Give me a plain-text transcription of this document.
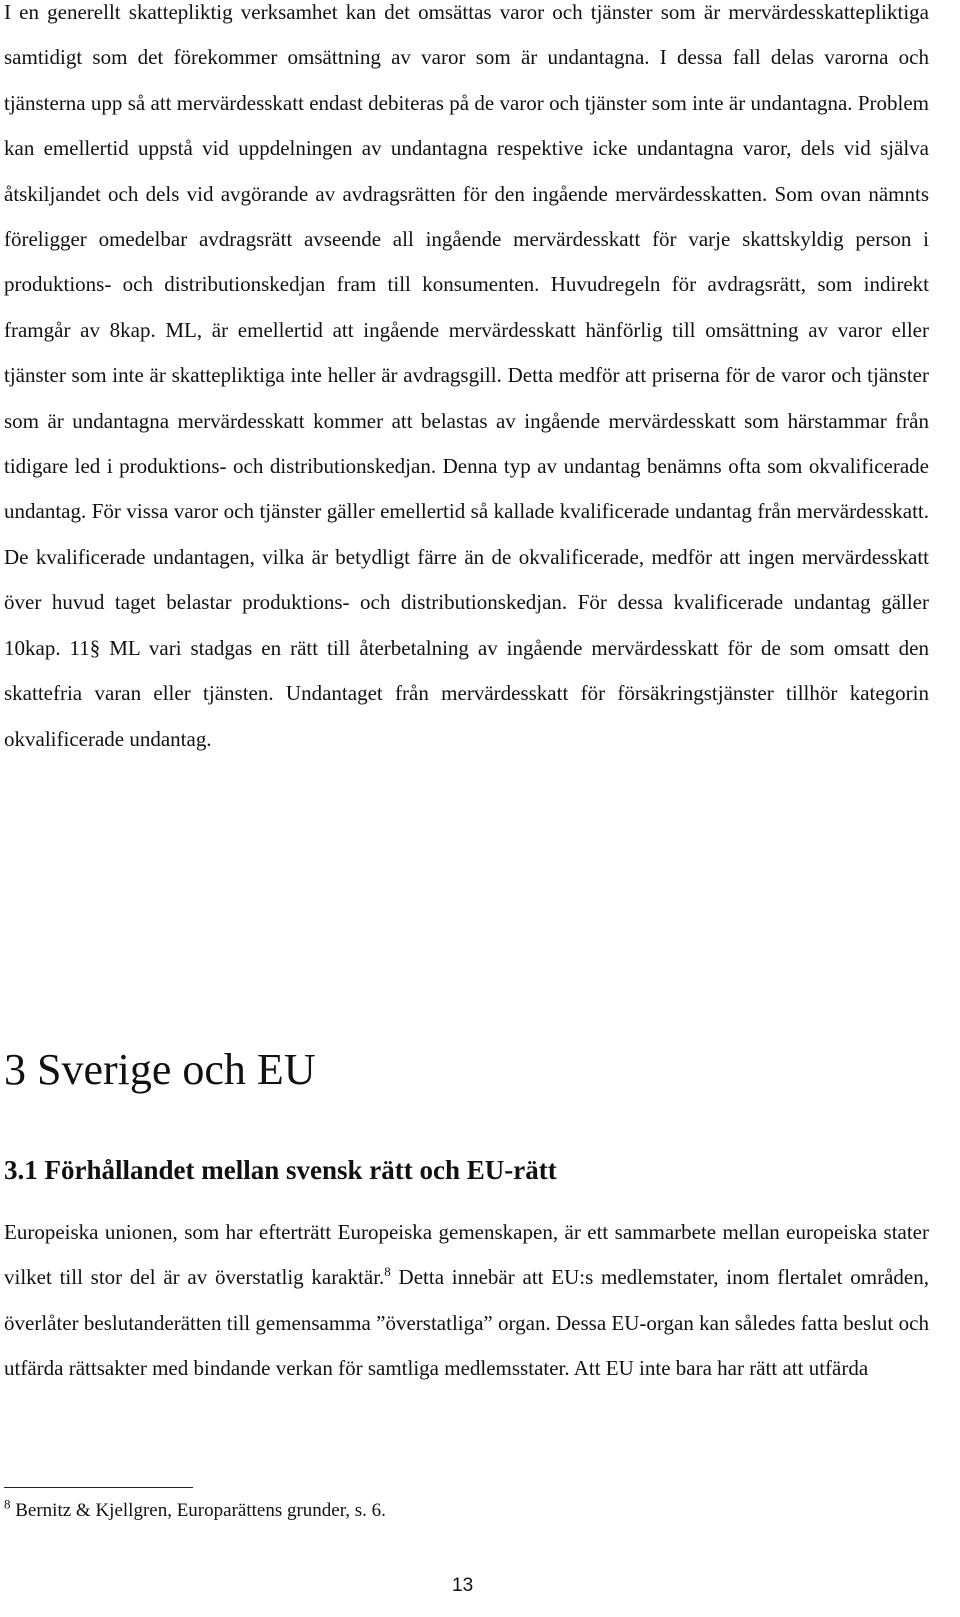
I en generellt skattepliktig verksamhet kan det omsättas varor och tjänster som är mervärdesskattepliktiga samtidigt som det förekommer omsättning av varor som är undantagna. I dessa fall delas varorna och tjänsterna upp så att mervärdesskatt endast debiteras på de varor och tjänster som inte är undantagna. Problem kan emellertid uppstå vid uppdelningen av undantagna respektive icke undantagna varor, dels vid själva åtskiljandet och dels vid avgörande av avdragsrätten för den ingående mervärdesskatten. Som ovan nämnts föreligger omedelbar avdragsrätt avseende all ingående mervärdesskatt för varje skattskyldig person i produktions- och distributionskedjan fram till konsumenten. Huvudregeln för avdragsrätt, som indirekt framgår av 8kap. ML, är emellertid att ingående mervärdesskatt hänförlig till omsättning av varor eller tjänster som inte är skattepliktiga inte heller är avdragsgill. Detta medför att priserna för de varor och tjänster som är undantagna mervärdesskatt kommer att belastas av ingående mervärdesskatt som härstammar från tidigare led i produktions- och distributionskedjan. Denna typ av undantag benämns ofta som okvalificerade undantag. För vissa varor och tjänster gäller emellertid så kallade kvalificerade undantag från mervärdesskatt. De kvalificerade undantagen, vilka är betydligt färre än de okvalificerade, medför att ingen mervärdesskatt över huvud taget belastar produktions- och distributionskedjan. För dessa kvalificerade undantag gäller 10kap. 11§ ML vari stadgas en rätt till återbetalning av ingående mervärdesskatt för de som omsatt den skattefria varan eller tjänsten. Undantaget från mervärdesskatt för försäkringstjänster tillhör kategorin okvalificerade undantag.

3 Sverige och EU
3.1 Förhållandet mellan svensk rätt och EU-rätt

Europeiska unionen, som har efterträtt Europeiska gemenskapen, är ett sammarbete mellan europeiska stater vilket till stor del är av överstatlig karaktär.$^8$ Detta innebär att EU:s medlemstater, inom flertalet områden, överlåter beslutanderätten till gemensamma ”överstatliga” organ. Dessa EU-organ kan således fatta beslut och utfärda rättsakter med bindande verkan för samtliga medlemsstater. Att EU inte bara har rätt att utfärda

$^8$ Bernitz & Kjellgren, Europarättens grunder, s. 6.
13
